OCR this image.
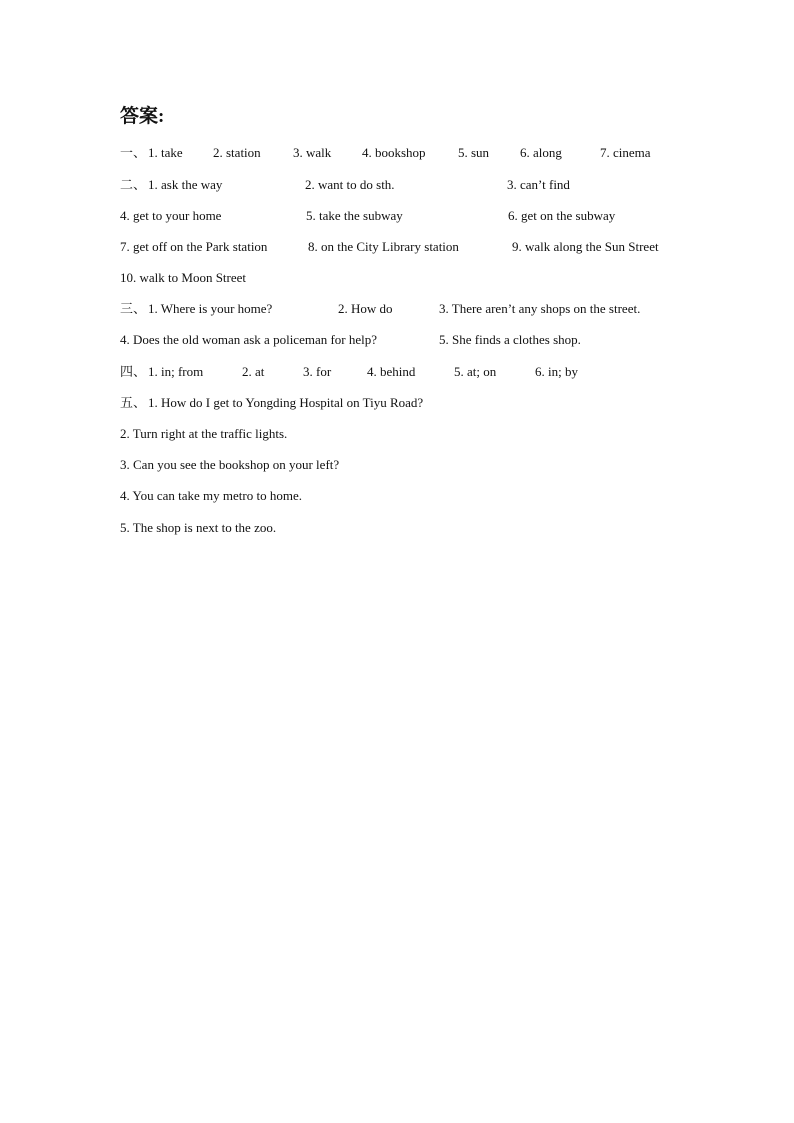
答案:
一、 1. take 2. station 3. walk 4. bookshop 5. sun 6. along	7. cinema
二、 1. ask the way	2. want to do sth.	3. can’t find
4. get to your home	5. take the subway	6. get on the subway
7. get off on the Park station	8. on the City Library station	9. walk along the Sun Street
10. walk to Moon Street
三、 1. Where is your home?	2. How do	3. There aren’t any shops on the street.
4. Does the old woman ask a policeman for help?	5. She finds a clothes shop.
四、 1. in; from	2. at	3. for	4. behind	5. at; on	6. in; by
五、 1. How do I get to Yongding Hospital on Tiyu Road?
2. Turn right at the traffic lights.
3. Can you see the bookshop on your left?
4. You can take my metro to home.
5. The shop is next to the zoo.
